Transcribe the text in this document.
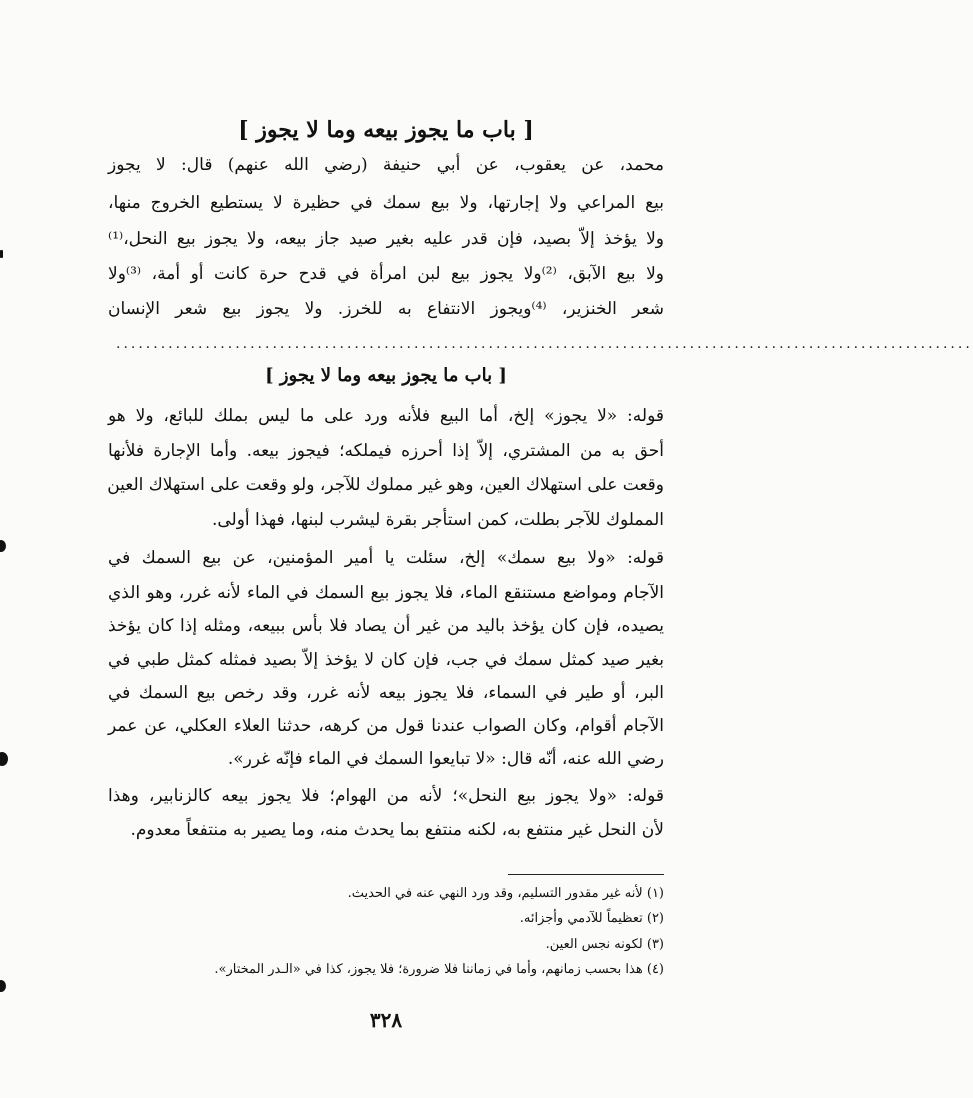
[ باب ما يجوز بيعه وما لا يجوز ]
محمد، عن يعقوب، عن أبي حنيفة (رضي الله عنهم) قال: لا يجوز
بيع المراعي ولا إجارتها، ولا بيع سمك في حظيرة لا يستطيع الخروج منها،
ولا يؤخذ إلاّ بصيد، فإن قدر عليه بغير صيد جاز بيعه، ولا يجوز بيع النحل،⁽¹⁾
ولا بيع الآبق، ⁽²⁾ولا يجوز بيع لبن امرأة في قدح حرة كانت أو أمة، ⁽³⁾ولا
شعر الخنزير، ⁽⁴⁾ويجوز الانتفاع به للخرز. ولا يجوز بيع شعر الإنسان
...................................................................................................................
[ باب ما يجوز بيعه وما لا يجوز ]
قوله: «لا يجوز» إلخ، أما البيع فلأنه ورد على ما ليس بملك للبائع، ولا هو
أحق به من المشتري، إلاّ إذا أحرزه فيملكه؛ فيجوز بيعه. وأما الإجارة فلأنها
وقعت على استهلاك العين، وهو غير مملوك للآجر، ولو وقعت على استهلاك العين
المملوك للآجر بطلت، كمن استأجر بقرة ليشرب لبنها، فهذا أولى.
قوله: «ولا بيع سمك» إلخ، سئلت يا أمير المؤمنين، عن بيع السمك في
الآجام ومواضع مستنقع الماء، فلا يجوز بيع السمك في الماء لأنه غرر، وهو الذي
يصيده، فإن كان يؤخذ باليد من غير أن يصاد فلا بأس ببيعه، ومثله إذا كان يؤخذ
بغير صيد كمثل سمك في جب، فإن كان لا يؤخذ إلاّ بصيد فمثله كمثل طبي في
البر، أو طير في السماء، فلا يجوز بيعه لأنه غرر، وقد رخص بيع السمك في
الآجام أقوام، وكان الصواب عندنا قول من كرهه، حدثنا العلاء العكلي، عن عمر
رضي الله عنه، أنّه قال: «لا تبايعوا السمك في الماء فإنّه غرر».
قوله: «ولا يجوز بيع النحل»؛ لأنه من الهوام؛ فلا يجوز بيعه كالزنابير، وهذا
لأن النحل غير منتفع به، لكنه منتفع بما يحدث منه، وما يصير به منتفعاً معدوم.
(١) لأنه غير مقدور التسليم، وقد ورد النهي عنه في الحديث.
(٢) تعظيماً للآدمي وأجزائه.
(٣) لكونه نجس العين.
(٤) هذا بحسب زمانهم، وأما في زماننا فلا ضرورة؛ فلا يجوز، كذا في «الـدر المختار».
٣٢٨
